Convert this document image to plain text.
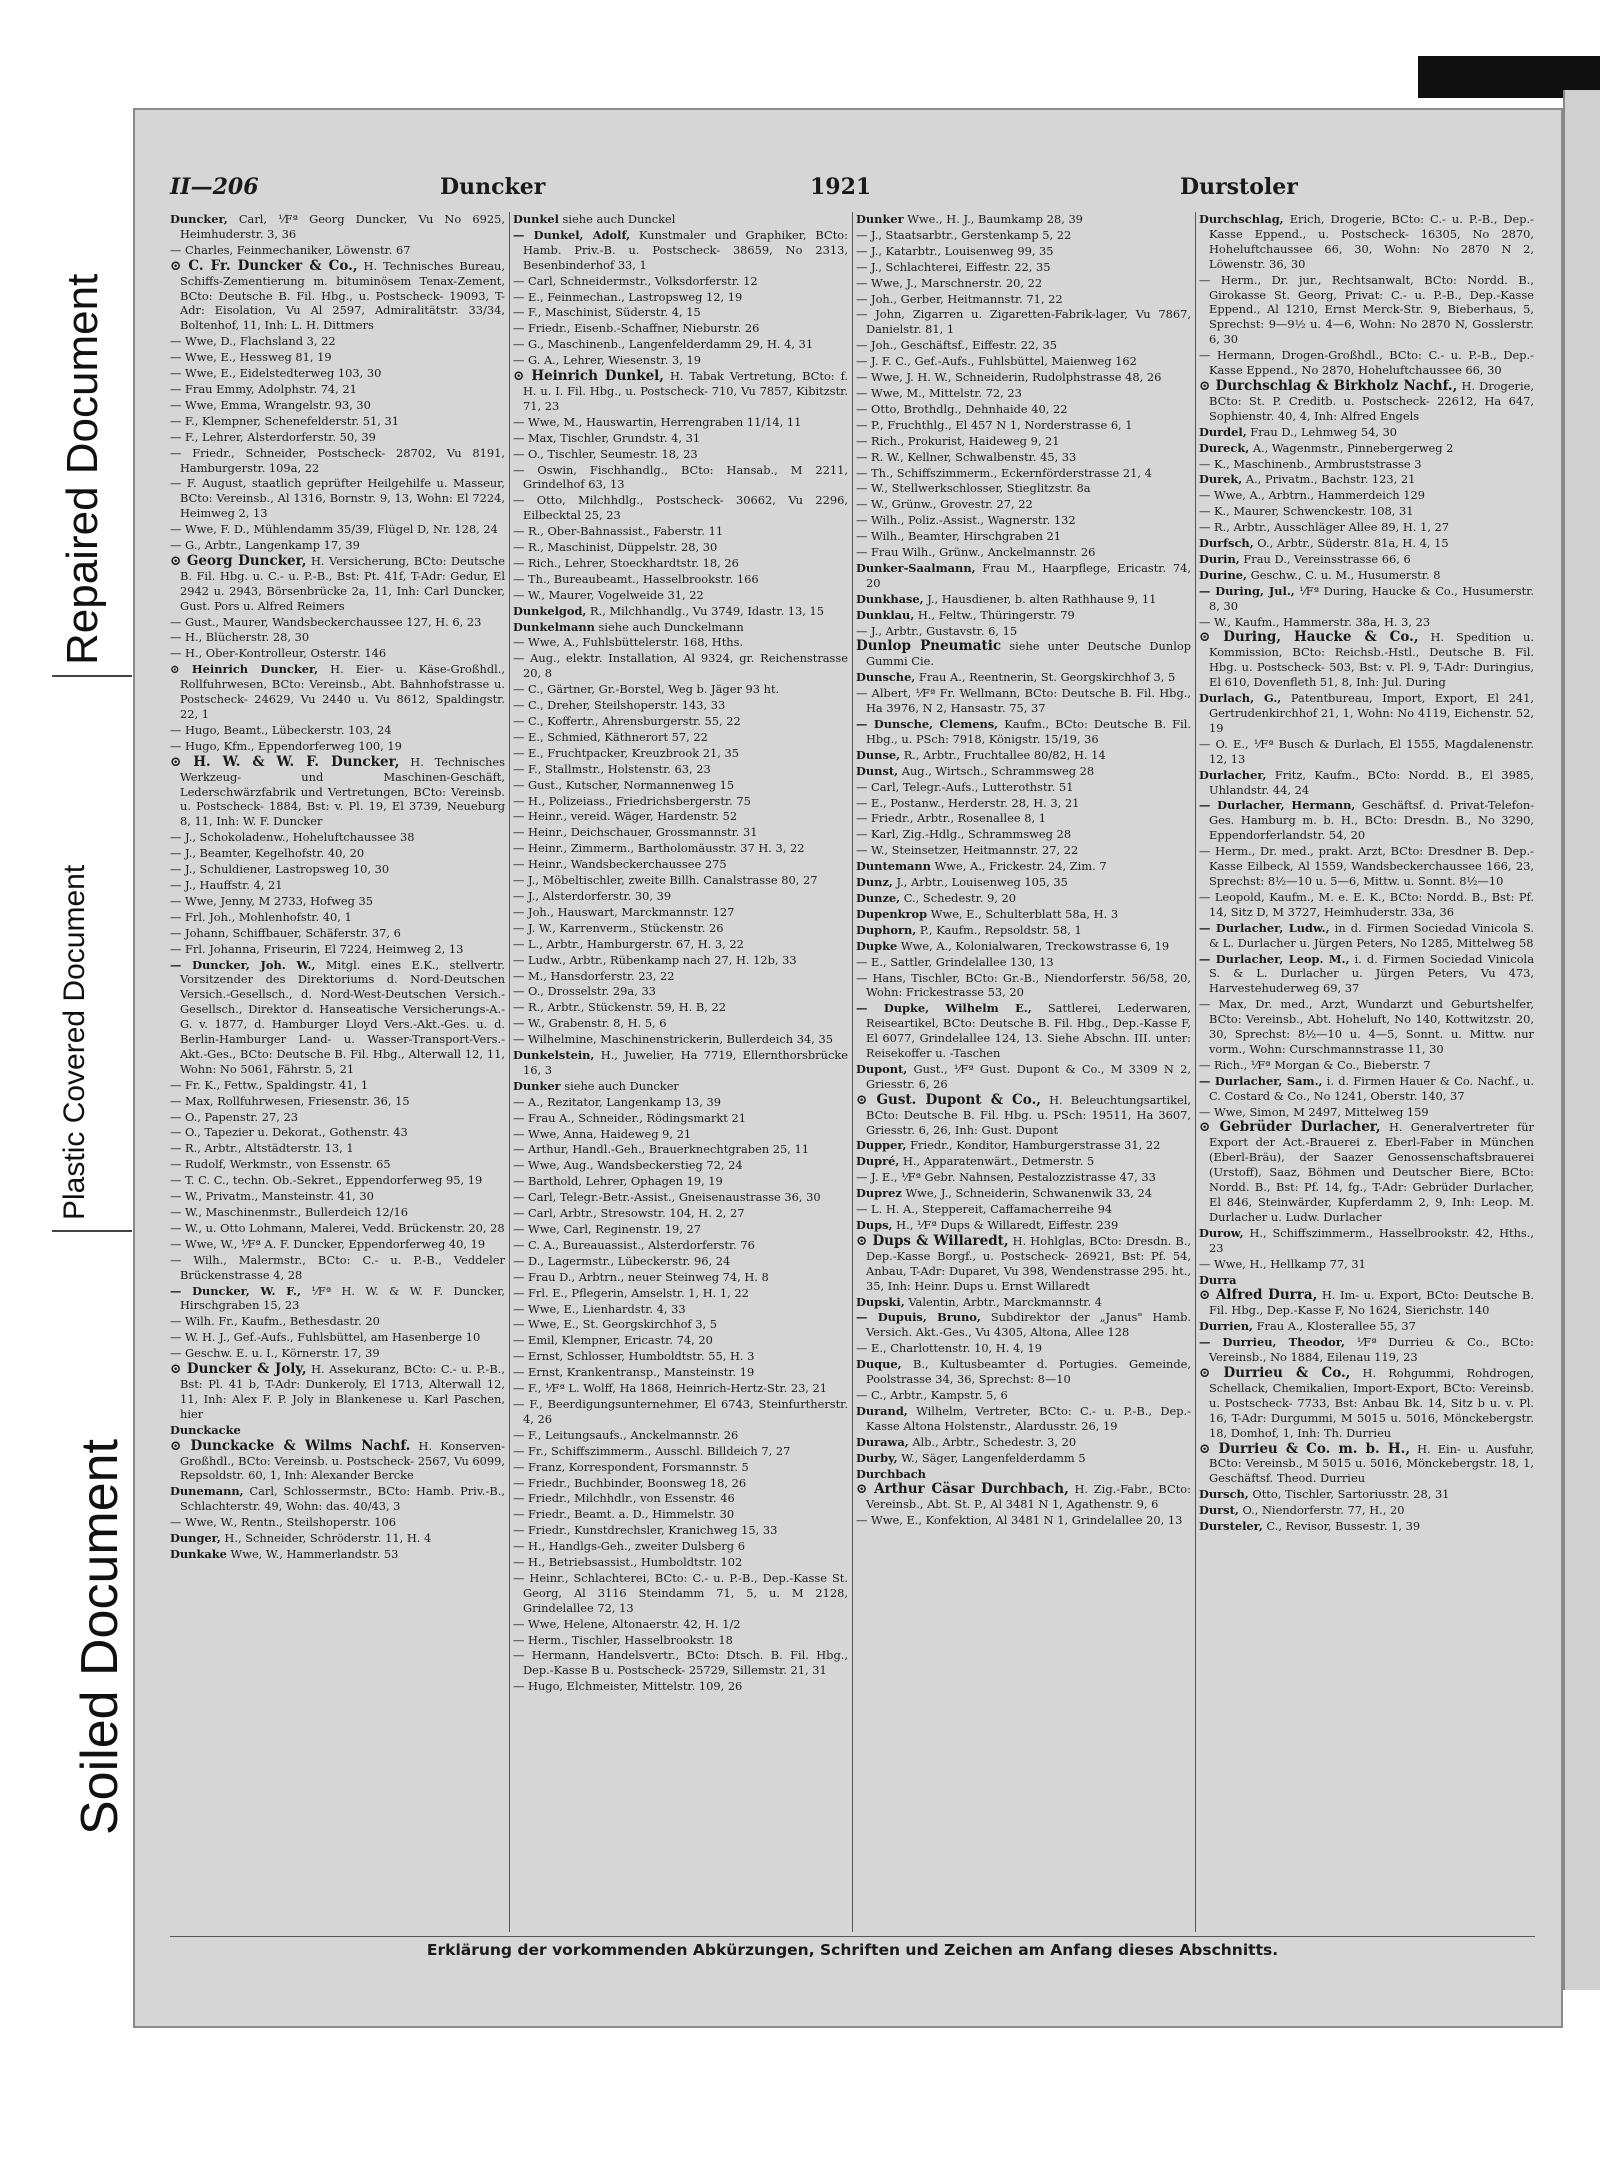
Repaired Document
Plastic Covered Document
Soiled Document
II—206	Duncker	1921	Durstoler
Duncker, Carl, ⅟Fª Georg Duncker, Vu No 6925, Heimhuderstr. 3, 36
— Charles, Feinmechaniker, Löwenstr. 67
⊙ C. Fr. Duncker & Co., H. Technisches Bureau, Schiffs-Zementierung m. bituminösem Tenax-Zement, BCto: Deutsche B. Fil. Hbg., u. Postscheck- 19093, T-Adr: Eisolation, Vu Al 2597, Admiralitätstr. 33/34, Boltenhof, 11, Inh: L. H. Dittmers
— Wwe, D., Flachsland 3, 22
— Wwe, E., Hessweg 81, 19
— Wwe, E., Eidelstedterweg 103, 30
— Frau Emmy, Adolphstr. 74, 21
— Wwe, Emma, Wrangelstr. 93, 30
— F., Klempner, Schenefelderstr. 51, 31
— F., Lehrer, Alsterdorferstr. 50, 39
— Friedr., Schneider, Postscheck- 28702, Vu 8191, Hamburgerstr. 109a, 22
— F. August, staatlich geprüfter Heilgehilfe u. Masseur, BCto: Vereinsb., Al 1316, Bornstr. 9, 13, Wohn: El 7224, Heimweg 2, 13
— Wwe, F. D., Mühlendamm 35/39, Flügel D, Nr. 128, 24
— G., Arbtr., Langenkamp 17, 39
⊙ Georg Duncker, H. Versicherung, BCto: Deutsche B. Fil. Hbg. u. C.- u. P.-B., Bst: Pt. 41f, T-Adr: Gedur, El 2942 u. 2943, Börsenbrücke 2a, 11, Inh: Carl Duncker, Gust. Pors u. Alfred Reimers
— Gust., Maurer, Wandsbeckerchaussee 127, H. 6, 23
— H., Blücherstr. 28, 30
— H., Ober-Kontrolleur, Osterstr. 146
⊙ Heinrich Duncker, H. Eier- u. Käse-Großhdl., Rollfuhrwesen, BCto: Vereinsb., Abt. Bahnhofstrasse u. Postscheck- 24629, Vu 2440 u. Vu 8612, Spaldingstr. 22, 1
— Hugo, Beamt., Lübeckerstr. 103, 24
— Hugo, Kfm., Eppendorferweg 100, 19
⊙ H. W. & W. F. Duncker, H. Technisches Werkzeug- und Maschinen-Geschäft, Lederschwärzfabrik und Vertretungen, BCto: Vereinsb. u. Postscheck- 1884, Bst: v. Pl. 19, El 3739, Neueburg 8, 11, Inh: W. F. Duncker
— J., Schokoladenw., Hoheluftchaussee 38
— J., Beamter, Kegelhofstr. 40, 20
— J., Schuldiener, Lastropsweg 10, 30
— J., Hauffstr. 4, 21
— Wwe, Jenny, M 2733, Hofweg 35
— Frl. Joh., Mohlenhofstr. 40, 1
— Johann, Schiffbauer, Schäferstr. 37, 6
— Frl. Johanna, Friseurin, El 7224, Heimweg 2, 13
— Duncker, Joh. W., Mitgl. eines E.K., stellvertr. Vorsitzender des Direktoriums d. Nord-Deutschen Versich.-Gesellsch., d. Nord-West-Deutschen Versich.-Gesellsch., Direktor d. Hanseatische Versicherungs-A.-G. v. 1877, d. Hamburger Lloyd Vers.-Akt.-Ges. u. d. Berlin-Hamburger Land- u. Wasser-Transport-Vers.-Akt.-Ges., BCto: Deutsche B. Fil. Hbg., Alterwall 12, 11, Wohn: No 5061, Fährstr. 5, 21
— Fr. K., Fettw., Spaldingstr. 41, 1
— Max, Rollfuhrwesen, Friesenstr. 36, 15
— O., Papenstr. 27, 23
— O., Tapezier u. Dekorat., Gothenstr. 43
— R., Arbtr., Altstädterstr. 13, 1
— Rudolf, Werkmstr., von Essenstr. 65
— T. C. C., techn. Ob.-Sekret., Eppendorferweg 95, 19
— W., Privatm., Mansteinstr. 41, 30
— W., Maschinenmstr., Bullerdeich 12/16
— W., u. Otto Lohmann, Malerei, Vedd. Brückenstr. 20, 28
— Wwe, W., ⅟Fª A. F. Duncker, Eppendorferweg 40, 19
— Wilh., Malermstr., BCto: C.- u. P.-B., Veddeler Brückenstrasse 4, 28
— Duncker, W. F., ⅟Fª H. W. & W. F. Duncker, Hirschgraben 15, 23
— Wilh. Fr., Kaufm., Bethesdastr. 20
— W. H. J., Gef.-Aufs., Fuhlsbüttel, am Hasenberge 10
— Geschw. E. u. I., Körnerstr. 17, 39
⊙ Duncker & Joly, H. Assekuranz, BCto: C.- u. P.-B., Bst: Pl. 41 b, T-Adr: Dunkeroly, El 1713, Alterwall 12, 11, Inh: Alex F. P. Joly in Blankenese u. Karl Paschen, hier
Dunckacke
⊙ Dunckacke & Wilms Nachf. H. Konserven-Großhdl., BCto: Vereinsb. u. Postscheck- 2567, Vu 6099, Repsoldstr. 60, 1, Inh: Alexander Bercke
Dunemann, Carl, Schlossermstr., BCto: Hamb. Priv.-B., Schlachterstr. 49, Wohn: das. 40/43, 3
— Wwe, W., Rentn., Steilshoperstr. 106
Dunger, H., Schneider, Schröderstr. 11, H. 4
Dunkake Wwe, W., Hammerlandstr. 53
Dunkel siehe auch Dunckel
— Dunkel, Adolf, Kunstmaler und Graphiker, BCto: Hamb. Priv.-B. u. Postscheck- 38659, No 2313, Besenbinderhof 33, 1
— Carl, Schneidermstr., Volksdorferstr. 12
— E., Feinmechan., Lastropsweg 12, 19
— F., Maschinist, Süderstr. 4, 15
— Friedr., Eisenb.-Schaffner, Nieburstr. 26
— G., Maschinenb., Langenfelderdamm 29, H. 4, 31
— G. A., Lehrer, Wiesenstr. 3, 19
⊙ Heinrich Dunkel, H. Tabak Vertretung, BCto: f. H. u. I. Fil. Hbg., u. Postscheck- 710, Vu 7857, Kibitzstr. 71, 23
— Wwe, M., Hauswartin, Herrengraben 11/14, 11
— Max, Tischler, Grundstr. 4, 31
— O., Tischler, Seumestr. 18, 23
— Oswin, Fischhandlg., BCto: Hansab., M 2211, Grindelhof 63, 13
— Otto, Milchhdlg., Postscheck- 30662, Vu 2296, Eilbecktal 25, 23
— R., Ober-Bahnassist., Faberstr. 11
— R., Maschinist, Düppelstr. 28, 30
— Rich., Lehrer, Stoeckhardtstr. 18, 26
— Th., Bureaubeamt., Hasselbrookstr. 166
— W., Maurer, Vogelweide 31, 22
Dunkelgod, R., Milchhandlg., Vu 3749, Idastr. 13, 15
Dunkelmann siehe auch Dunckelmann
— Wwe, A., Fuhlsbüttelerstr. 168, Hths.
— Aug., elektr. Installation, Al 9324, gr. Reichenstrasse 20, 8
— C., Gärtner, Gr.-Borstel, Weg b. Jäger 93 ht.
— C., Dreher, Steilshoperstr. 143, 33
— C., Koffertr., Ahrensburgerstr. 55, 22
— E., Schmied, Käthnerort 57, 22
— E., Fruchtpacker, Kreuzbrook 21, 35
— F., Stallmstr., Holstenstr. 63, 23
— Gust., Kutscher, Normannenweg 15
— H., Polizeiass., Friedrichsbergerstr. 75
— Heinr., vereid. Wäger, Hardenstr. 52
— Heinr., Deichschauer, Grossmannstr. 31
— Heinr., Zimmerm., Bartholomäusstr. 37 H. 3, 22
— Heinr., Wandsbeckerchaussee 275
— J., Möbeltischler, zweite Billh. Canalstrasse 80, 27
— J., Alsterdorferstr. 30, 39
— Joh., Hauswart, Marckmannstr. 127
— J. W., Karrenverm., Stückenstr. 26
— L., Arbtr., Hamburgerstr. 67, H. 3, 22
— Ludw., Arbtr., Rübenkamp nach 27, H. 12b, 33
— M., Hansdorferstr. 23, 22
— O., Drosselstr. 29a, 33
— R., Arbtr., Stückenstr. 59, H. B, 22
— W., Grabenstr. 8, H. 5, 6
— Wilhelmine, Maschinenstrickerin, Bullerdeich 34, 35
Dunkelstein, H., Juwelier, Ha 7719, Ellernthorsbrücke 16, 3
Dunker siehe auch Duncker
— A., Rezitator, Langenkamp 13, 39
— Frau A., Schneider., Rödingsmarkt 21
— Wwe, Anna, Haideweg 9, 21
— Arthur, Handl.-Geh., Brauerknechtgraben 25, 11
— Wwe, Aug., Wandsbeckerstieg 72, 24
— Barthold, Lehrer, Ophagen 19, 19
— Carl, Telegr.-Betr.-Assist., Gneisenaustrasse 36, 30
— Carl, Arbtr., Stresowstr. 104, H. 2, 27
— Wwe, Carl, Reginenstr. 19, 27
— C. A., Bureauassist., Alsterdorferstr. 76
— D., Lagermstr., Lübeckerstr. 96, 24
— Frau D., Arbtrn., neuer Steinweg 74, H. 8
— Frl. E., Pflegerin, Amselstr. 1, H. 1, 22
— Wwe, E., Lienhardstr. 4, 33
— Wwe, E., St. Georgskirchhof 3, 5
— Emil, Klempner, Ericastr. 74, 20
— Ernst, Schlosser, Humboldtstr. 55, H. 3
— Ernst, Krankentransp., Mansteinstr. 19
— F., ⅟Fª L. Wolff, Ha 1868, Heinrich-Hertz-Str. 23, 21
— F., Beerdigungsunternehmer, El 6743, Steinfurtherstr. 4, 26
— F., Leitungsaufs., Anckelmannstr. 26
— Fr., Schiffszimmerm., Ausschl. Billdeich 7, 27
— Franz, Korrespondent, Forsmannstr. 5
— Friedr., Buchbinder, Boonsweg 18, 26
— Friedr., Milchhdlr., von Essenstr. 46
— Friedr., Beamt. a. D., Himmelstr. 30
— Friedr., Kunstdrechsler, Kranichweg 15, 33
— H., Handlgs-Geh., zweiter Dulsberg 6
— H., Betriebsassist., Humboldtstr. 102
— Heinr., Schlachterei, BCto: C.- u. P.-B., Dep.-Kasse St. Georg, Al 3116 Steindamm 71, 5, u. M 2128, Grindelallee 72, 13
— Wwe, Helene, Altonaerstr. 42, H. 1/2
— Herm., Tischler, Hasselbrookstr. 18
— Hermann, Handelsvertr., BCto: Dtsch. B. Fil. Hbg., Dep.-Kasse B u. Postscheck- 25729, Sillemstr. 21, 31
— Hugo, Elchmeister, Mittelstr. 109, 26
Dunker Wwe., H. J., Baumkamp 28, 39
— J., Staatsarbtr., Gerstenkamp 5, 22
— J., Katarbtr., Louisenweg 99, 35
— J., Schlachterei, Eiffestr. 22, 35
— Wwe, J., Marschnerstr. 20, 22
— Joh., Gerber, Heitmannstr. 71, 22
— John, Zigarren u. Zigaretten-Fabrik-lager, Vu 7867, Danielstr. 81, 1
— Joh., Geschäftsf., Eiffestr. 22, 35
— J. F. C., Gef.-Aufs., Fuhlsbüttel, Maienweg 162
— Wwe, J. H. W., Schneiderin, Rudolphstrasse 48, 26
— Wwe, M., Mittelstr. 72, 23
— Otto, Brothdlg., Dehnhaide 40, 22
— P., Fruchthlg., El 457 N 1, Norderstrasse 6, 1
— Rich., Prokurist, Haideweg 9, 21
— R. W., Kellner, Schwalbenstr. 45, 33
— Th., Schiffszimmerm., Eckernförderstrasse 21, 4
— W., Stellwerkschlosser, Stieglitzstr. 8a
— W., Grünw., Grovestr. 27, 22
— Wilh., Poliz.-Assist., Wagnerstr. 132
— Wilh., Beamter, Hirschgraben 21
— Frau Wilh., Grünw., Anckelmannstr. 26
Dunker-Saalmann, Frau M., Haarpflege, Ericastr. 74, 20
Dunkhase, J., Hausdiener, b. alten Rathhause 9, 11
Dunklau, H., Feltw., Thüringerstr. 79
— J., Arbtr., Gustavstr. 6, 15
Dunlop Pneumatic siehe unter Deutsche Dunlop Gummi Cie.
Dunsche, Frau A., Reentnerin, St. Georgskirchhof 3, 5
— Albert, ⅟Fª Fr. Wellmann, BCto: Deutsche B. Fil. Hbg., Ha 3976, N 2, Hansastr. 75, 37
— Dunsche, Clemens, Kaufm., BCto: Deutsche B. Fil. Hbg., u. PSch: 7918, Königstr. 15/19, 36
Dunse, R., Arbtr., Fruchtallee 80/82, H. 14
Dunst, Aug., Wirtsch., Schrammsweg 28
— Carl, Telegr.-Aufs., Lutterothstr. 51
— E., Postanw., Herderstr. 28, H. 3, 21
— Friedr., Arbtr., Rosenallee 8, 1
— Karl, Zig.-Hdlg., Schrammsweg 28
— W., Steinsetzer, Heitmannstr. 27, 22
Duntemann Wwe, A., Frickestr. 24, Zim. 7
Dunz, J., Arbtr., Louisenweg 105, 35
Dunze, C., Schedestr. 9, 20
Dupenkrop Wwe, E., Schulterblatt 58a, H. 3
Duphorn, P., Kaufm., Repsoldstr. 58, 1
Dupke Wwe, A., Kolonialwaren, Treckowstrasse 6, 19
— E., Sattler, Grindelallee 130, 13
— Hans, Tischler, BCto: Gr.-B., Niendorferstr. 56/58, 20, Wohn: Frickestrasse 53, 20
— Dupke, Wilhelm E., Sattlerei, Lederwaren, Reiseartikel, BCto: Deutsche B. Fil. Hbg., Dep.-Kasse F, El 6077, Grindelallee 124, 13. Siehe Abschn. III. unter: Reisekoffer u. -Taschen
Dupont, Gust., ⅟Fª Gust. Dupont & Co., M 3309 N 2, Griesstr. 6, 26
⊙ Gust. Dupont & Co., H. Beleuchtungsartikel, BCto: Deutsche B. Fil. Hbg. u. PSch: 19511, Ha 3607, Griesstr. 6, 26, Inh: Gust. Dupont
Dupper, Friedr., Konditor, Hamburgerstrasse 31, 22
Dupré, H., Apparatenwärt., Detmerstr. 5
— J. E., ⅟Fª Gebr. Nahnsen, Pestalozzistrasse 47, 33
Duprez Wwe, J., Schneiderin, Schwanenwik 33, 24
— L. H. A., Steppereit, Caffamacherreihe 94
Dups, H., ⅟Fª Dups & Willaredt, Eiffestr. 239
⊙ Dups & Willaredt, H. Hohlglas, BCto: Dresdn. B., Dep.-Kasse Borgf., u. Postscheck- 26921, Bst: Pf. 54, Anbau, T-Adr: Duparet, Vu 398, Wendenstrasse 295. ht., 35, Inh: Heinr. Dups u. Ernst Willaredt
Dupski, Valentin, Arbtr., Marckmannstr. 4
— Dupuis, Bruno, Subdirektor der „Janus" Hamb. Versich. Akt.-Ges., Vu 4305, Altona, Allee 128
— E., Charlottenstr. 10, H. 4, 19
Duque, B., Kultusbeamter d. Portugies. Gemeinde, Poolstrasse 34, 36, Sprechst: 8—10
— C., Arbtr., Kampstr. 5, 6
Durand, Wilhelm, Vertreter, BCto: C.- u. P.-B., Dep.-Kasse Altona Holstenstr., Alardusstr. 26, 19
Durawa, Alb., Arbtr., Schedestr. 3, 20
Durby, W., Säger, Langenfelderdamm 5
Durchbach
⊙ Arthur Cäsar Durchbach, H. Zig.-Fabr., BCto: Vereinsb., Abt. St. P., Al 3481 N 1, Agathenstr. 9, 6
— Wwe, E., Konfektion, Al 3481 N 1, Grindelallee 20, 13
Durchschlag, Erich, Drogerie, BCto: C.- u. P.-B., Dep.-Kasse Eppend., u. Postscheck- 16305, No 2870, Hoheluftchaussee 66, 30, Wohn: No 2870 N 2, Löwenstr. 36, 30
— Herm., Dr. jur., Rechtsanwalt, BCto: Nordd. B., Girokasse St. Georg, Privat: C.- u. P.-B., Dep.-Kasse Eppend., Al 1210, Ernst Merck-Str. 9, Bieberhaus, 5, Sprechst: 9—9½ u. 4—6, Wohn: No 2870 N, Gosslerstr. 6, 30
— Hermann, Drogen-Großhdl., BCto: C.- u. P.-B., Dep.-Kasse Eppend., No 2870, Hoheluftchaussee 66, 30
⊙ Durchschlag & Birkholz Nachf., H. Drogerie, BCto: St. P. Creditb. u. Postscheck- 22612, Ha 647, Sophienstr. 40, 4, Inh: Alfred Engels
Durdel, Frau D., Lehmweg 54, 30
Dureck, A., Wagenmstr., Pinnebergerweg 2
— K., Maschinenb., Armbruststrasse 3
Durek, A., Privatm., Bachstr. 123, 21
— Wwe, A., Arbtrn., Hammerdeich 129
— K., Maurer, Schwenckestr. 108, 31
— R., Arbtr., Ausschläger Allee 89, H. 1, 27
Durfsch, O., Arbtr., Süderstr. 81a, H. 4, 15
Durin, Frau D., Vereinsstrasse 66, 6
Durine, Geschw., C. u. M., Husumerstr. 8
— During, Jul., ⅟Fª During, Haucke & Co., Husumerstr. 8, 30
— W., Kaufm., Hammerstr. 38a, H. 3, 23
⊙ During, Haucke & Co., H. Spedition u. Kommission, BCto: Reichsb.-Hstl., Deutsche B. Fil. Hbg. u. Postscheck- 503, Bst: v. Pl. 9, T-Adr: Duringius, El 610, Dovenfleth 51, 8, Inh: Jul. During
Durlach, G., Patentbureau, Import, Export, El 241, Gertrudenkirchhof 21, 1, Wohn: No 4119, Eichenstr. 52, 19
— O. E., ⅟Fª Busch & Durlach, El 1555, Magdalenenstr. 12, 13
Durlacher, Fritz, Kaufm., BCto: Nordd. B., El 3985, Uhlandstr. 44, 24
— Durlacher, Hermann, Geschäftsf. d. Privat-Telefon-Ges. Hamburg m. b. H., BCto: Dresdn. B., No 3290, Eppendorferlandstr. 54, 20
— Herm., Dr. med., prakt. Arzt, BCto: Dresdner B. Dep.-Kasse Eilbeck, Al 1559, Wandsbeckerchaussee 166, 23, Sprechst: 8½—10 u. 5—6, Mittw. u. Sonnt. 8½—10
— Leopold, Kaufm., M. e. E. K., BCto: Nordd. B., Bst: Pf. 14, Sitz D, M 3727, Heimhuderstr. 33a, 36
— Durlacher, Ludw., in d. Firmen Sociedad Vinicola S. & L. Durlacher u. Jürgen Peters, No 1285, Mittelweg 58
— Durlacher, Leop. M., i. d. Firmen Sociedad Vinicola S. & L. Durlacher u. Jürgen Peters, Vu 473, Harvestehuderweg 69, 37
— Max, Dr. med., Arzt, Wundarzt und Geburtshelfer, BCto: Vereinsb., Abt. Hoheluft, No 140, Kottwitzstr. 20, 30, Sprechst: 8½—10 u. 4—5, Sonnt. u. Mittw. nur vorm., Wohn: Curschmannstrasse 11, 30
— Rich., ⅟Fª Morgan & Co., Bieberstr. 7
— Durlacher, Sam., i. d. Firmen Hauer & Co. Nachf., u. C. Costard & Co., No 1241, Oberstr. 140, 37
— Wwe, Simon, M 2497, Mittelweg 159
⊙ Gebrüder Durlacher, H. Generalvertreter für Export der Act.-Brauerei z. Eberl-Faber in München (Eberl-Bräu), der Saazer Genossenschaftsbrauerei (Urstoff), Saaz, Böhmen und Deutscher Biere, BCto: Nordd. B., Bst: Pf. 14, fg., T-Adr: Gebrüder Durlacher, El 846, Steinwärder, Kupferdamm 2, 9, Inh: Leop. M. Durlacher u. Ludw. Durlacher
Durow, H., Schiffszimmerm., Hasselbrookstr. 42, Hths., 23
— Wwe, H., Hellkamp 77, 31
Durra
⊙ Alfred Durra, H. Im- u. Export, BCto: Deutsche B. Fil. Hbg., Dep.-Kasse F, No 1624, Sierichstr. 140
Durrien, Frau A., Klosterallee 55, 37
— Durrieu, Theodor, ⅟Fª Durrieu & Co., BCto: Vereinsb., No 1884, Eilenau 119, 23
⊙ Durrieu & Co., H. Rohgummi, Rohdrogen, Schellack, Chemikalien, Import-Export, BCto: Vereinsb. u. Postscheck- 7733, Bst: Anbau Bk. 14, Sitz b u. v. Pl. 16, T-Adr: Durgummi, M 5015 u. 5016, Mönckebergstr. 18, Domhof, 1, Inh: Th. Durrieu
⊙ Durrieu & Co. m. b. H., H. Ein- u. Ausfuhr, BCto: Vereinsb., M 5015 u. 5016, Mönckebergstr. 18, 1, Geschäftsf. Theod. Durrieu
Dursch, Otto, Tischler, Sartoriusstr. 28, 31
Durst, O., Niendorferstr. 77, H., 20
Dursteler, C., Revisor, Bussestr. 1, 39
Erklärung der vorkommenden Abkürzungen, Schriften und Zeichen am Anfang dieses Abschnitts.
